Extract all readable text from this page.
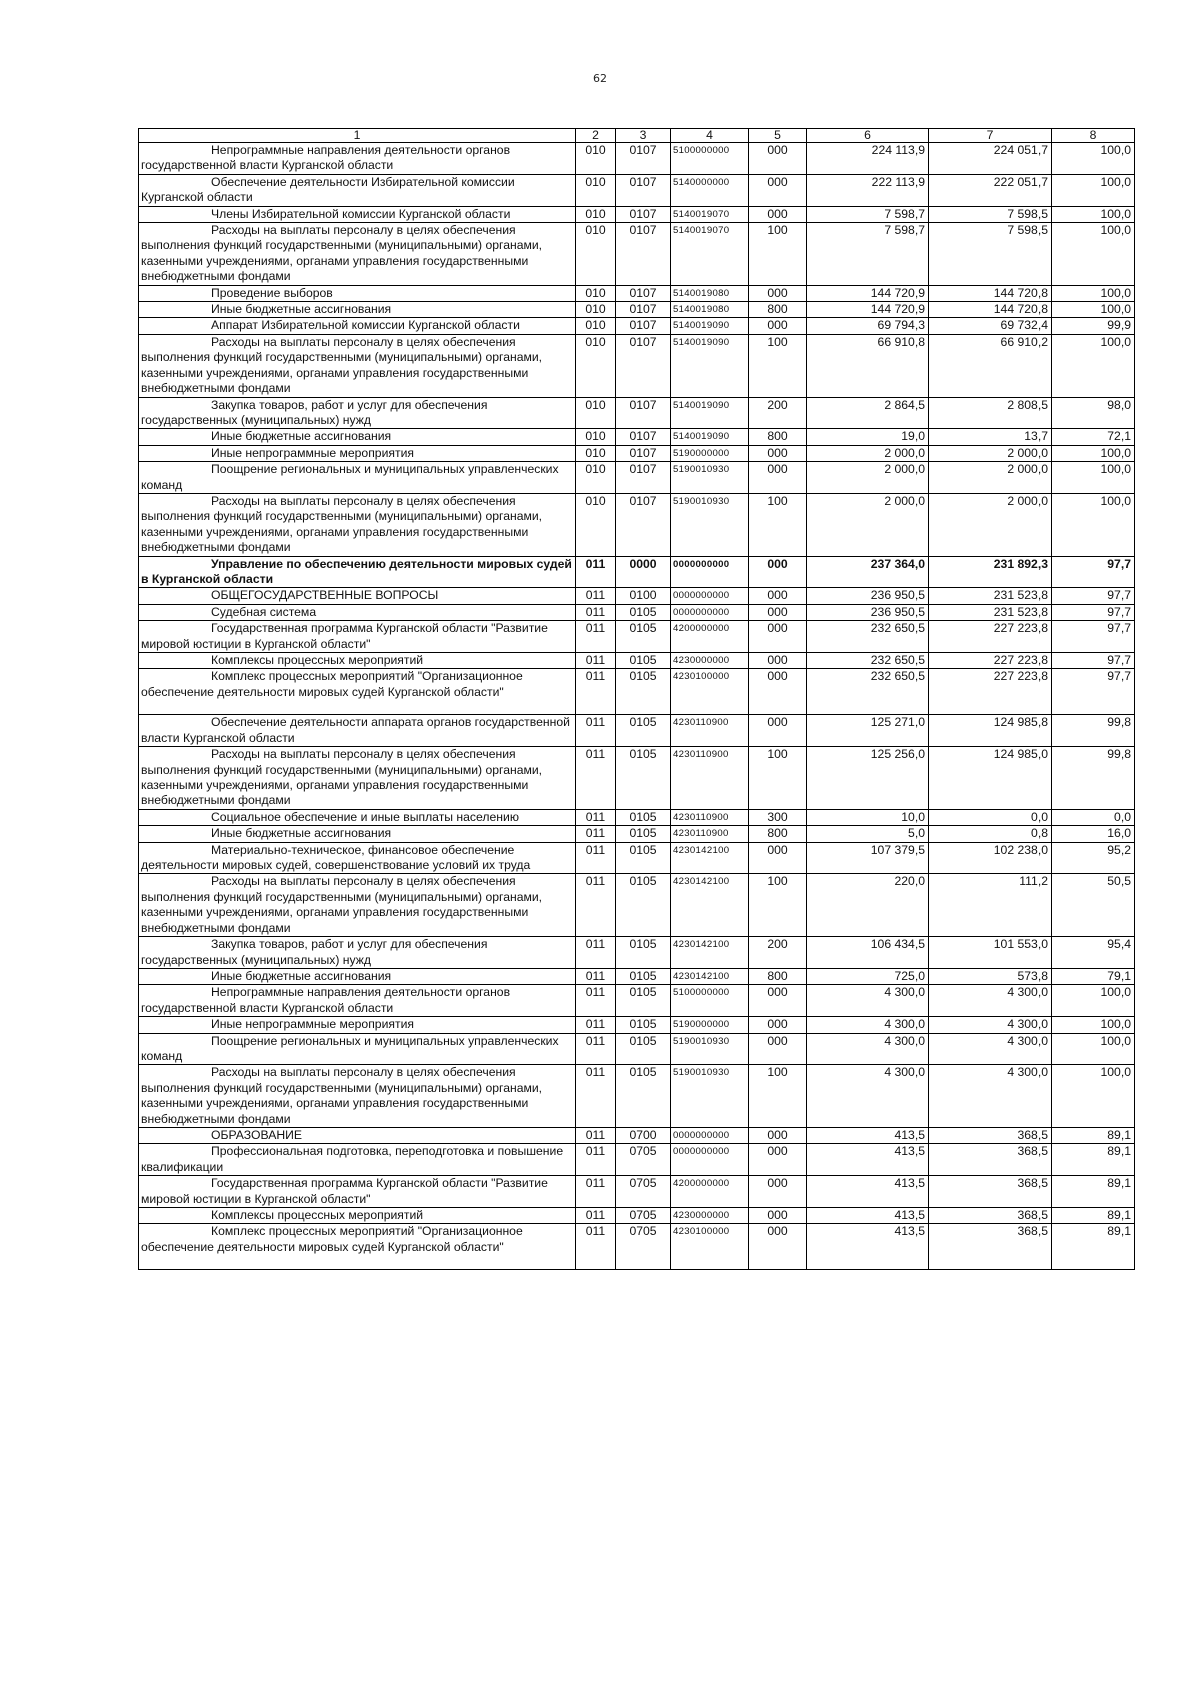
62
1	2	3	4	5	6	7	8
Непрограммные направления деятельности органов государственной власти Курганской области	010	0107	5100000000	000	224 113,9	224 051,7	100,0
Обеспечение деятельности Избирательной комиссии Курганской области	010	0107	5140000000	000	222 113,9	222 051,7	100,0
Члены Избирательной комиссии Курганской области	010	0107	5140019070	000	7 598,7	7 598,5	100,0
Расходы на выплаты персоналу в целях обеспечения выполнения функций государственными (муниципальными) органами, казенными учреждениями, органами управления государственными внебюджетными фондами	010	0107	5140019070	100	7 598,7	7 598,5	100,0
Проведение выборов	010	0107	5140019080	000	144 720,9	144 720,8	100,0
Иные бюджетные ассигнования	010	0107	5140019080	800	144 720,9	144 720,8	100,0
Аппарат Избирательной комиссии Курганской области	010	0107	5140019090	000	69 794,3	69 732,4	99,9
Расходы на выплаты персоналу в целях обеспечения выполнения функций государственными (муниципальными) органами, казенными учреждениями, органами управления государственными внебюджетными фондами	010	0107	5140019090	100	66 910,8	66 910,2	100,0
Закупка товаров, работ и услуг для обеспечения государственных (муниципальных) нужд	010	0107	5140019090	200	2 864,5	2 808,5	98,0
Иные бюджетные ассигнования	010	0107	5140019090	800	19,0	13,7	72,1
Иные непрограммные мероприятия	010	0107	5190000000	000	2 000,0	2 000,0	100,0
Поощрение региональных и муниципальных управленческих команд	010	0107	5190010930	000	2 000,0	2 000,0	100,0
Расходы на выплаты персоналу в целях обеспечения выполнения функций государственными (муниципальными) органами, казенными учреждениями, органами управления государственными внебюджетными фондами	010	0107	5190010930	100	2 000,0	2 000,0	100,0
Управление по обеспечению деятельности мировых судей в Курганской области	011	0000	0000000000	000	237 364,0	231 892,3	97,7
ОБЩЕГОСУДАРСТВЕННЫЕ ВОПРОСЫ	011	0100	0000000000	000	236 950,5	231 523,8	97,7
Судебная система	011	0105	0000000000	000	236 950,5	231 523,8	97,7
Государственная программа Курганской области "Развитие мировой юстиции в Курганской области"	011	0105	4200000000	000	232 650,5	227 223,8	97,7
Комплексы процессных мероприятий	011	0105	4230000000	000	232 650,5	227 223,8	97,7
Комплекс процессных мероприятий "Организационное обеспечение деятельности мировых судей Курганской области"	011	0105	4230100000	000	232 650,5	227 223,8	97,7
Обеспечение деятельности аппарата органов государственной власти Курганской области	011	0105	4230110900	000	125 271,0	124 985,8	99,8
Расходы на выплаты персоналу в целях обеспечения выполнения функций государственными (муниципальными) органами, казенными учреждениями, органами управления государственными внебюджетными фондами	011	0105	4230110900	100	125 256,0	124 985,0	99,8
Социальное обеспечение и иные выплаты населению	011	0105	4230110900	300	10,0	0,0	0,0
Иные бюджетные ассигнования	011	0105	4230110900	800	5,0	0,8	16,0
Материально-техническое, финансовое обеспечение деятельности мировых судей, совершенствование условий их труда	011	0105	4230142100	000	107 379,5	102 238,0	95,2
Расходы на выплаты персоналу в целях обеспечения выполнения функций государственными (муниципальными) органами, казенными учреждениями, органами управления государственными внебюджетными фондами	011	0105	4230142100	100	220,0	111,2	50,5
Закупка товаров, работ и услуг для обеспечения государственных (муниципальных) нужд	011	0105	4230142100	200	106 434,5	101 553,0	95,4
Иные бюджетные ассигнования	011	0105	4230142100	800	725,0	573,8	79,1
Непрограммные направления деятельности органов государственной власти Курганской области	011	0105	5100000000	000	4 300,0	4 300,0	100,0
Иные непрограммные мероприятия	011	0105	5190000000	000	4 300,0	4 300,0	100,0
Поощрение региональных и муниципальных управленческих команд	011	0105	5190010930	000	4 300,0	4 300,0	100,0
Расходы на выплаты персоналу в целях обеспечения выполнения функций государственными (муниципальными) органами, казенными учреждениями, органами управления государственными внебюджетными фондами	011	0105	5190010930	100	4 300,0	4 300,0	100,0
ОБРАЗОВАНИЕ	011	0700	0000000000	000	413,5	368,5	89,1
Профессиональная подготовка, переподготовка и повышение квалификации	011	0705	0000000000	000	413,5	368,5	89,1
Государственная программа Курганской области "Развитие мировой юстиции в Курганской области"	011	0705	4200000000	000	413,5	368,5	89,1
Комплексы процессных мероприятий	011	0705	4230000000	000	413,5	368,5	89,1
Комплекс процессных мероприятий "Организационное обеспечение деятельности мировых судей Курганской области"	011	0705	4230100000	000	413,5	368,5	89,1
